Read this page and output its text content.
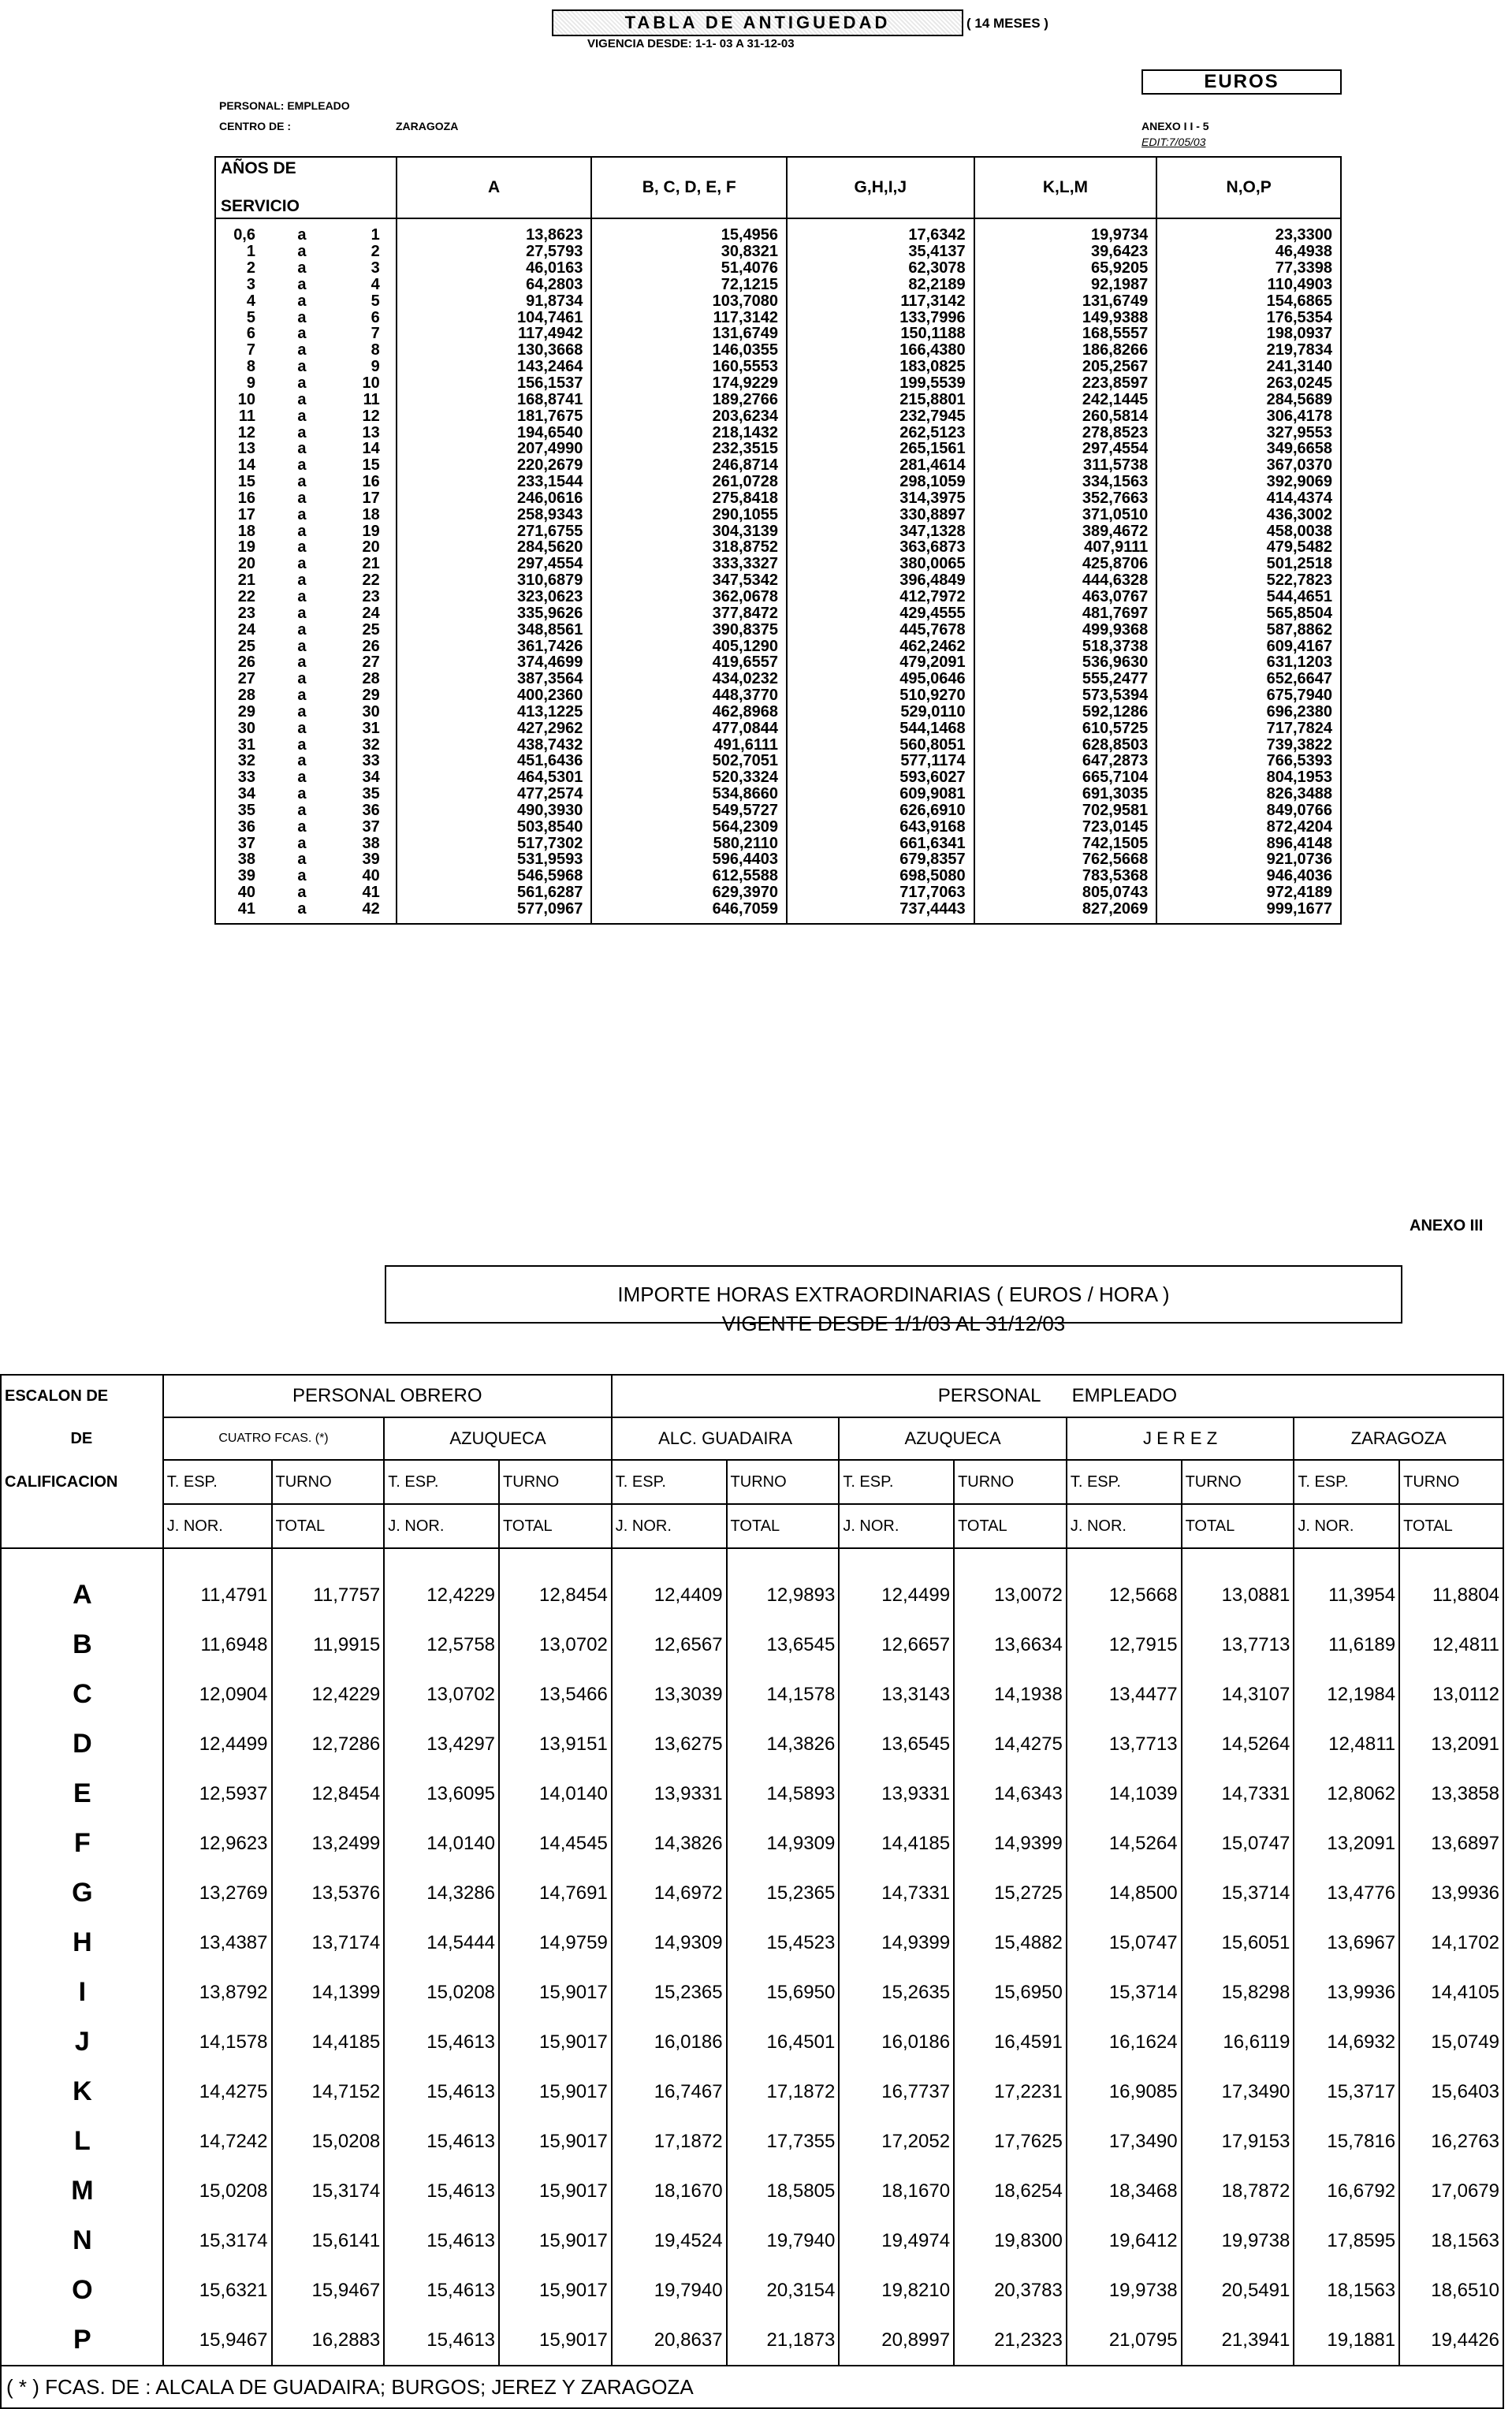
TABLA DE ANTIGUEDAD	( 14 MESES )
VIGENCIA DESDE: 1-1- 03 A 31-12-03
EUROS
PERSONAL: EMPLEADO
CENTRO DE :	ZARAGOZA	ANEXO I I - 5
EDIT:7/05/03
AÑOS DE
SERVICIO	A	B, C, D, E, F	G,H,I,J	K,L,M	N,O,P

0,6 a 1	13,8623	15,4956	17,6342	19,9734	23,3300

1 a 2	27,5793	30,8321	35,4137	39,6423	46,4938

2 a 3	46,0163	51,4076	62,3078	65,9205	77,3398

3 a 4	64,2803	72,1215	82,2189	92,1987	110,4903

4 a 5	91,8734	103,7080	117,3142	131,6749	154,6865

5 a 6	104,7461	117,3142	133,7996	149,9388	176,5354

6 a 7	117,4942	131,6749	150,1188	168,5557	198,0937

7 a 8	130,3668	146,0355	166,4380	186,8266	219,7834

8 a 9	143,2464	160,5553	183,0825	205,2567	241,3140

9 a 10	156,1537	174,9229	199,5539	223,8597	263,0245

10 a 11	168,8741	189,2766	215,8801	242,1445	284,5689

11 a 12	181,7675	203,6234	232,7945	260,5814	306,4178

12 a 13	194,6540	218,1432	262,5123	278,8523	327,9553

13 a 14	207,4990	232,3515	265,1561	297,4554	349,6658

14 a 15	220,2679	246,8714	281,4614	311,5738	367,0370

15 a 16	233,1544	261,0728	298,1059	334,1563	392,9069

16 a 17	246,0616	275,8418	314,3975	352,7663	414,4374

17 a 18	258,9343	290,1055	330,8897	371,0510	436,3002

18 a 19	271,6755	304,3139	347,1328	389,4672	458,0038

19 a 20	284,5620	318,8752	363,6873	407,9111	479,5482

20 a 21	297,4554	333,3327	380,0065	425,8706	501,2518

21 a 22	310,6879	347,5342	396,4849	444,6328	522,7823

22 a 23	323,0623	362,0678	412,7972	463,0767	544,4651

23 a 24	335,9626	377,8472	429,4555	481,7697	565,8504

24 a 25	348,8561	390,8375	445,7678	499,9368	587,8862

25 a 26	361,7426	405,1290	462,2462	518,3738	609,4167

26 a 27	374,4699	419,6557	479,2091	536,9630	631,1203

27 a 28	387,3564	434,0232	495,0646	555,2477	652,6647

28 a 29	400,2360	448,3770	510,9270	573,5394	675,7940

29 a 30	413,1225	462,8968	529,0110	592,1286	696,2380

30 a 31	427,2962	477,0844	544,1468	610,5725	717,7824

31 a 32	438,7432	491,6111	560,8051	628,8503	739,3822

32 a 33	451,6436	502,7051	577,1174	647,2873	766,5393

33 a 34	464,5301	520,3324	593,6027	665,7104	804,1953

34 a 35	477,2574	534,8660	609,9081	691,3035	826,3488

35 a 36	490,3930	549,5727	626,6910	702,9581	849,0766

36 a 37	503,8540	564,2309	643,9168	723,0145	872,4204

37 a 38	517,7302	580,2110	661,6341	742,1505	896,4148

38 a 39	531,9593	596,4403	679,8357	762,5668	921,0736

39 a 40	546,5968	612,5588	698,5080	783,5368	946,4036

40 a 41	561,6287	629,3970	717,7063	805,0743	972,4189

41 a 42	577,0967	646,7059	737,4443	827,2069	999,1677
ANEXO III
IMPORTE HORAS EXTRAORDINARIAS ( EUROS / HORA )
VIGENTE DESDE 1/1/03 AL 31/12/03
ESCALON DE	PERSONAL OBRERO				PERSONAL      EMPLEADO							
DE	CUATRO FCAS. (*)		AZUQUECA		ALC. GUADAIRA		AZUQUECA		J E R E Z		ZARAGOZA	
CALIFICACION	T. ESP.	TURNO	T. ESP.	TURNO	T. ESP.	TURNO	T. ESP.	TURNO	T. ESP.	TURNO	T. ESP.	TURNO
	J. NOR.	TOTAL	J. NOR.	TOTAL	J. NOR.	TOTAL	J. NOR.	TOTAL	J. NOR.	TOTAL	J. NOR.	TOTAL
A	11,4791	11,7757	12,4229	12,8454	12,4409	12,9893	12,4499	13,0072	12,5668	13,0881	11,3954	11,8804
B	11,6948	11,9915	12,5758	13,0702	12,6567	13,6545	12,6657	13,6634	12,7915	13,7713	11,6189	12,4811
C	12,0904	12,4229	13,0702	13,5466	13,3039	14,1578	13,3143	14,1938	13,4477	14,3107	12,1984	13,0112
D	12,4499	12,7286	13,4297	13,9151	13,6275	14,3826	13,6545	14,4275	13,7713	14,5264	12,4811	13,2091
E	12,5937	12,8454	13,6095	14,0140	13,9331	14,5893	13,9331	14,6343	14,1039	14,7331	12,8062	13,3858
F	12,9623	13,2499	14,0140	14,4545	14,3826	14,9309	14,4185	14,9399	14,5264	15,0747	13,2091	13,6897
G	13,2769	13,5376	14,3286	14,7691	14,6972	15,2365	14,7331	15,2725	14,8500	15,3714	13,4776	13,9936
H	13,4387	13,7174	14,5444	14,9759	14,9309	15,4523	14,9399	15,4882	15,0747	15,6051	13,6967	14,1702
I	13,8792	14,1399	15,0208	15,9017	15,2365	15,6950	15,2635	15,6950	15,3714	15,8298	13,9936	14,4105
J	14,1578	14,4185	15,4613	15,9017	16,0186	16,4501	16,0186	16,4591	16,1624	16,6119	14,6932	15,0749
K	14,4275	14,7152	15,4613	15,9017	16,7467	17,1872	16,7737	17,2231	16,9085	17,3490	15,3717	15,6403
L	14,7242	15,0208	15,4613	15,9017	17,1872	17,7355	17,2052	17,7625	17,3490	17,9153	15,7816	16,2763
M	15,0208	15,3174	15,4613	15,9017	18,1670	18,5805	18,1670	18,6254	18,3468	18,7872	16,6792	17,0679
N	15,3174	15,6141	15,4613	15,9017	19,4524	19,7940	19,4974	19,8300	19,6412	19,9738	17,8595	18,1563
O	15,6321	15,9467	15,4613	15,9017	19,7940	20,3154	19,8210	20,3783	19,9738	20,5491	18,1563	18,6510
P	15,9467	16,2883	15,4613	15,9017	20,8637	21,1873	20,8997	21,2323	21,0795	21,3941	19,1881	19,4426
( * ) FCAS. DE : ALCALA DE GUADAIRA; BURGOS; JEREZ Y ZARAGOZA												
